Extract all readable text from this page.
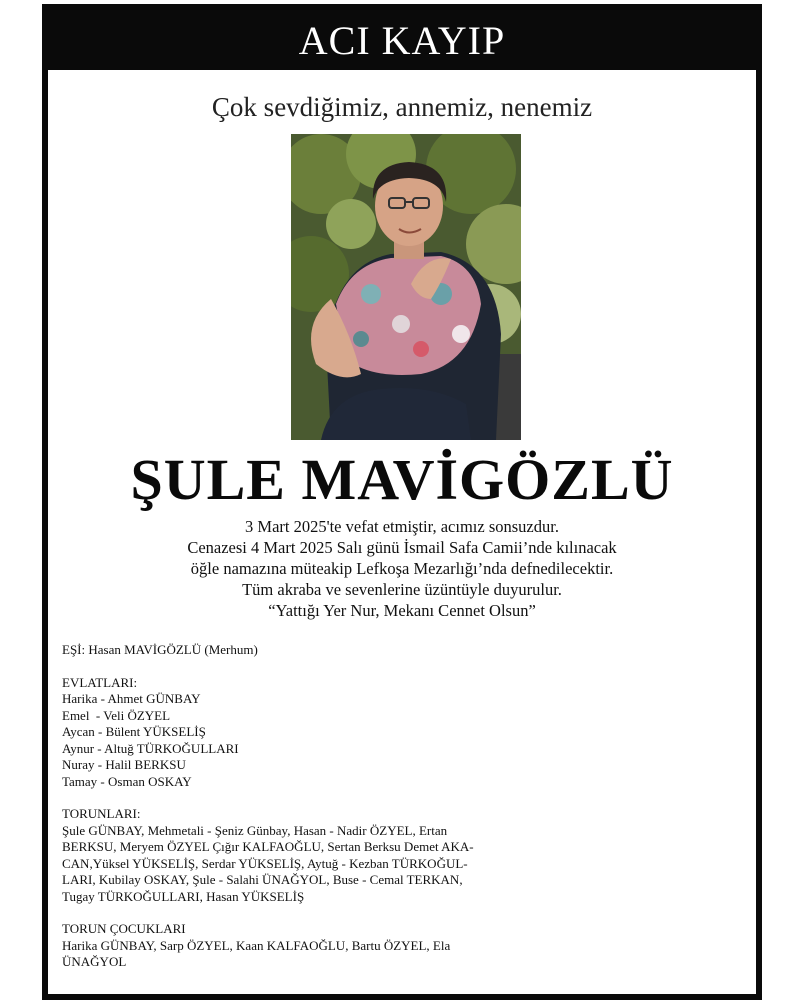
ACI KAYIP
Çok sevdiğimiz, annemiz, nenemiz
ŞULE MAVİGÖZLÜ
3 Mart 2025'te vefat etmiştir, acımız sonsuzdur.
Cenazesi 4 Mart 2025 Salı günü İsmail Safa Camii’nde kılınacak
öğle namazına müteakip Lefkoşa Mezarlığı’nda defnedilecektir.
Tüm akraba ve sevenlerine üzüntüyle duyurulur.
“Yattığı Yer Nur, Mekanı Cennet Olsun”
EŞİ: Hasan MAVİGÖZLÜ (Merhum)
EVLATLARI:
Harika - Ahmet GÜNBAY
Emel  - Veli ÖZYEL
Aycan - Bülent YÜKSELİŞ
Aynur - Altuğ TÜRKOĞULLARI
Nuray - Halil BERKSU
Tamay - Osman OSKAY
TORUNLARI:
Şule GÜNBAY, Mehmetali - Şeniz Günbay, Hasan - Nadir ÖZYEL, Ertan
BERKSU, Meryem ÖZYEL Çığır KALFAOĞLU, Sertan Berksu Demet AKA-
CAN,Yüksel YÜKSELİŞ, Serdar YÜKSELİŞ, Aytuğ - Kezban TÜRKOĞUL-
LARI, Kubilay OSKAY, Şule - Salahi ÜNAĞYOL, Buse - Cemal TERKAN,
Tugay TÜRKOĞULLARI, Hasan YÜKSELİŞ
TORUN ÇOCUKLARI
Harika GÜNBAY, Sarp ÖZYEL, Kaan KALFAOĞLU, Bartu ÖZYEL, Ela
ÜNAĞYOL
